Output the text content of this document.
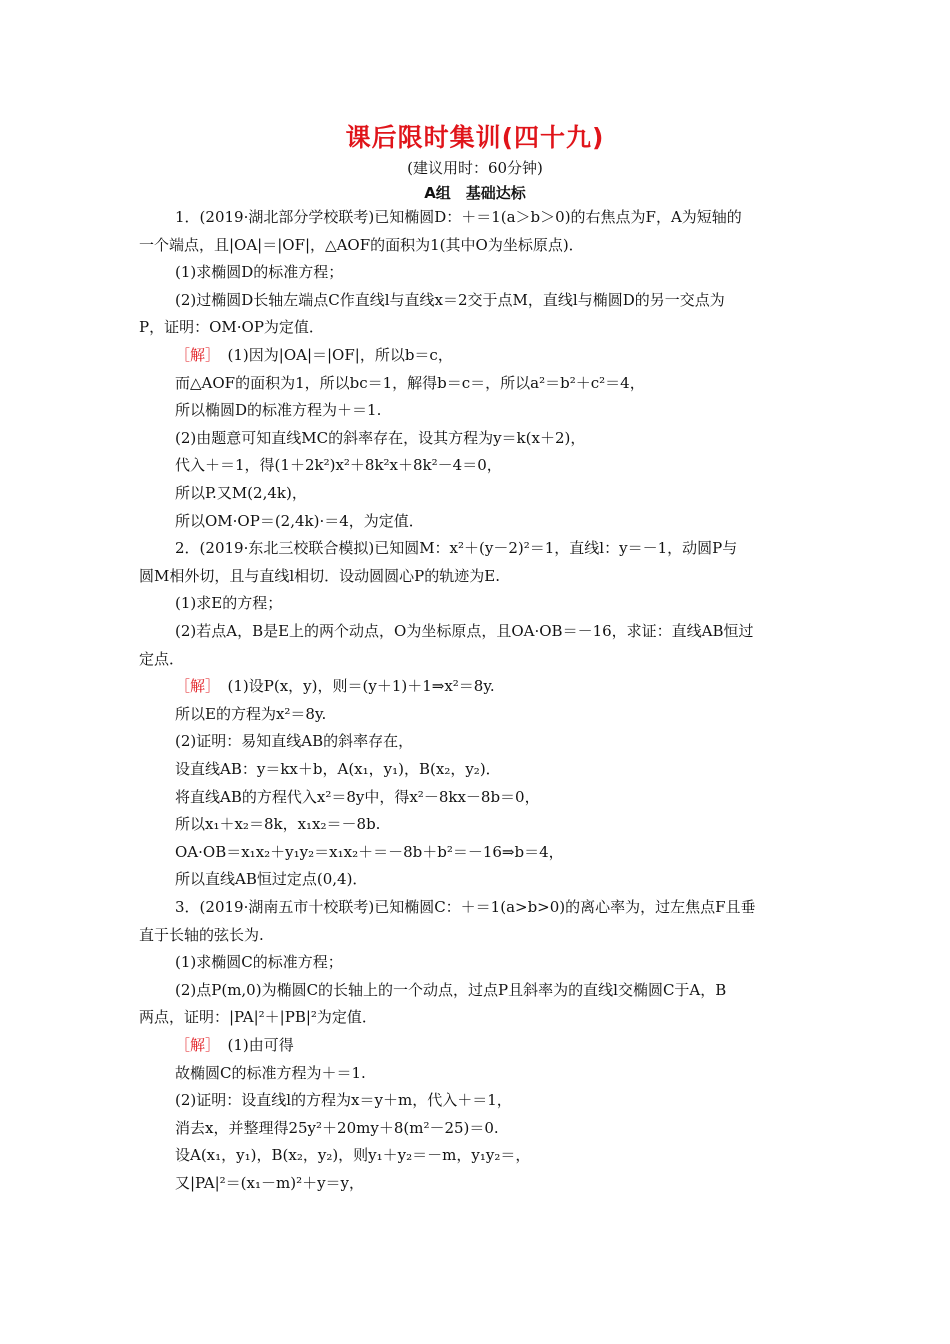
课后限时集训(四十九)
(建议用时：60分钟)
A组　基础达标
1．(2019·湖北部分学校联考)已知椭圆D：＋＝1(a＞b＞0)的右焦点为F，A为短轴的
一个端点，且|OA|＝|OF|，△AOF的面积为1(其中O为坐标原点)．
(1)求椭圆D的标准方程；
(2)过椭圆D长轴左端点C作直线l与直线x＝2交于点M，直线l与椭圆D的另一交点为
P，证明：OM·OP为定值．
［解］　(1)因为|OA|＝|OF|，所以b＝c，
而△AOF的面积为1，所以bc＝1，解得b＝c＝，所以a²＝b²＋c²＝4，
所以椭圆D的标准方程为＋＝1.
(2)由题意可知直线MC的斜率存在，设其方程为y＝k(x＋2)，
代入＋＝1，得(1＋2k²)x²＋8k²x＋8k²－4＝0，
所以P.又M(2,4k)，
所以OM·OP＝(2,4k)·＝4，为定值．
2．(2019·东北三校联合模拟)已知圆M：x²＋(y－2)²＝1，直线l：y＝－1，动圆P与
圆M相外切，且与直线l相切．设动圆圆心P的轨迹为E.
(1)求E的方程；
(2)若点A，B是E上的两个动点，O为坐标原点，且OA·OB＝－16，求证：直线AB恒过
定点．
［解］　(1)设P(x，y)，则＝(y＋1)＋1⇒x²＝8y.
所以E的方程为x²＝8y.
(2)证明：易知直线AB的斜率存在，
设直线AB：y＝kx＋b，A(x₁，y₁)，B(x₂，y₂)．
将直线AB的方程代入x²＝8y中，得x²－8kx－8b＝0，
所以x₁＋x₂＝8k，x₁x₂＝－8b.
OA·OB＝x₁x₂＋y₁y₂＝x₁x₂＋＝－8b＋b²＝－16⇒b＝4，
所以直线AB恒过定点(0,4)．
3．(2019·湖南五市十校联考)已知椭圆C：＋＝1(a>b>0)的离心率为，过左焦点F且垂
直于长轴的弦长为.
(1)求椭圆C的标准方程；
(2)点P(m,0)为椭圆C的长轴上的一个动点，过点P且斜率为的直线l交椭圆C于A，B
两点，证明：|PA|²＋|PB|²为定值．
［解］　(1)由可得
故椭圆C的标准方程为＋＝1.
(2)证明：设直线l的方程为x＝y＋m，代入＋＝1，
消去x，并整理得25y²＋20my＋8(m²－25)＝0.
设A(x₁，y₁)，B(x₂，y₂)，则y₁＋y₂＝－m，y₁y₂＝，
又|PA|²＝(x₁－m)²＋y＝y，
